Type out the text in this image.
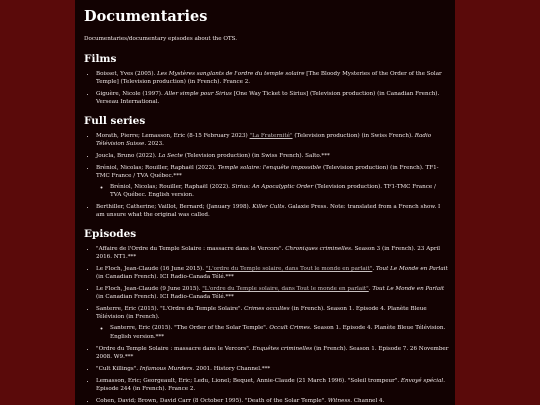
Documentaries

Documentaries/documentary episodes about the OTS.

Films
• Boisset, Yves (2005). Les Mystères sanglants de l'ordre du temple solaire [The Bloody Mysteries of the Order of the Solar Temple] (Television production) (in French). France 2.
• Giguère, Nicole (1997). Aller simple pour Sirius [One Way Ticket to Sirius] (Television production) (in Canadian French). Verseau International.
Full series
• Morath, Pierre; Lemasson, Eric (8-15 February 2023) "La Fraternité" (Television production) (in Swiss French). Radio Télévision Suisse. 2023.
• Joucla, Bruno (2022). La Secte (Television production) (in Swiss French). Salto.***
• Bréniol, Nicolas; Rouiller, Raphaël (2022). Temple solaire: l'enquête impossible (Television production) (in French). TF1-TMC France / TVA Québec.***
◦ Bréniol, Nicolas; Rouiller, Raphaël (2022). Sirius: An Apocalyptic Order (Television production). TF1-TMC France / TVA Québec. English version.
• Berthiller, Catherine; Vaillot, Bernard; (January 1998). Killer Cults. Galaxie Press. Note: translated from a French show. I am unsure what the original was called.
Episodes
• "Affaire de l'Ordre du Temple Solaire : massacre dans le Vercors". Chroniques criminelles. Season 3 (in French). 23 April 2016. NT1.***
• Le Floch, Jean-Claude (16 June 2015). "L'ordre du Temple solaire, dans Tout le monde en parlait". Tout Le Monde en Parlait (in Canadian French). ICI Radio-Canada Télé.***
• Le Floch, Jean-Claude (9 June 2015). "L'ordre du Temple solaire, dans Tout le monde en parlait". Tout Le Monde en Parlait (in Canadian French). ICI Radio-Canada Télé.***
• Santerre, Eric (2015). "L'Ordre du Temple Solaire". Crimes occultes (in French). Season 1. Episode 4. Planète Bleue Télévision (in French).
◦ Santerre, Eric (2015). "The Order of the Solar Temple". Occult Crimes. Season 1. Episode 4. Planète Bleue Télévision. English version.***
• "Ordre du Temple Solaire : massacre dans le Vercors". Enquêtes criminelles (in French). Season 1. Episode 7. 26 November 2008. W9.***
• "Cult Killings". Infamous Murders. 2001. History Channel.***
• Lemasson, Eric; Georgeault, Eric; Ledu, Lionel; Bequet, Annie-Claude (21 March 1996). "Soleil trompeur". Envoyé spécial. Episode 244 (in French). France 2.
• Cohen, David; Brown, David Carr (8 October 1995). "Death of the Solar Temple". Witness. Channel 4.
